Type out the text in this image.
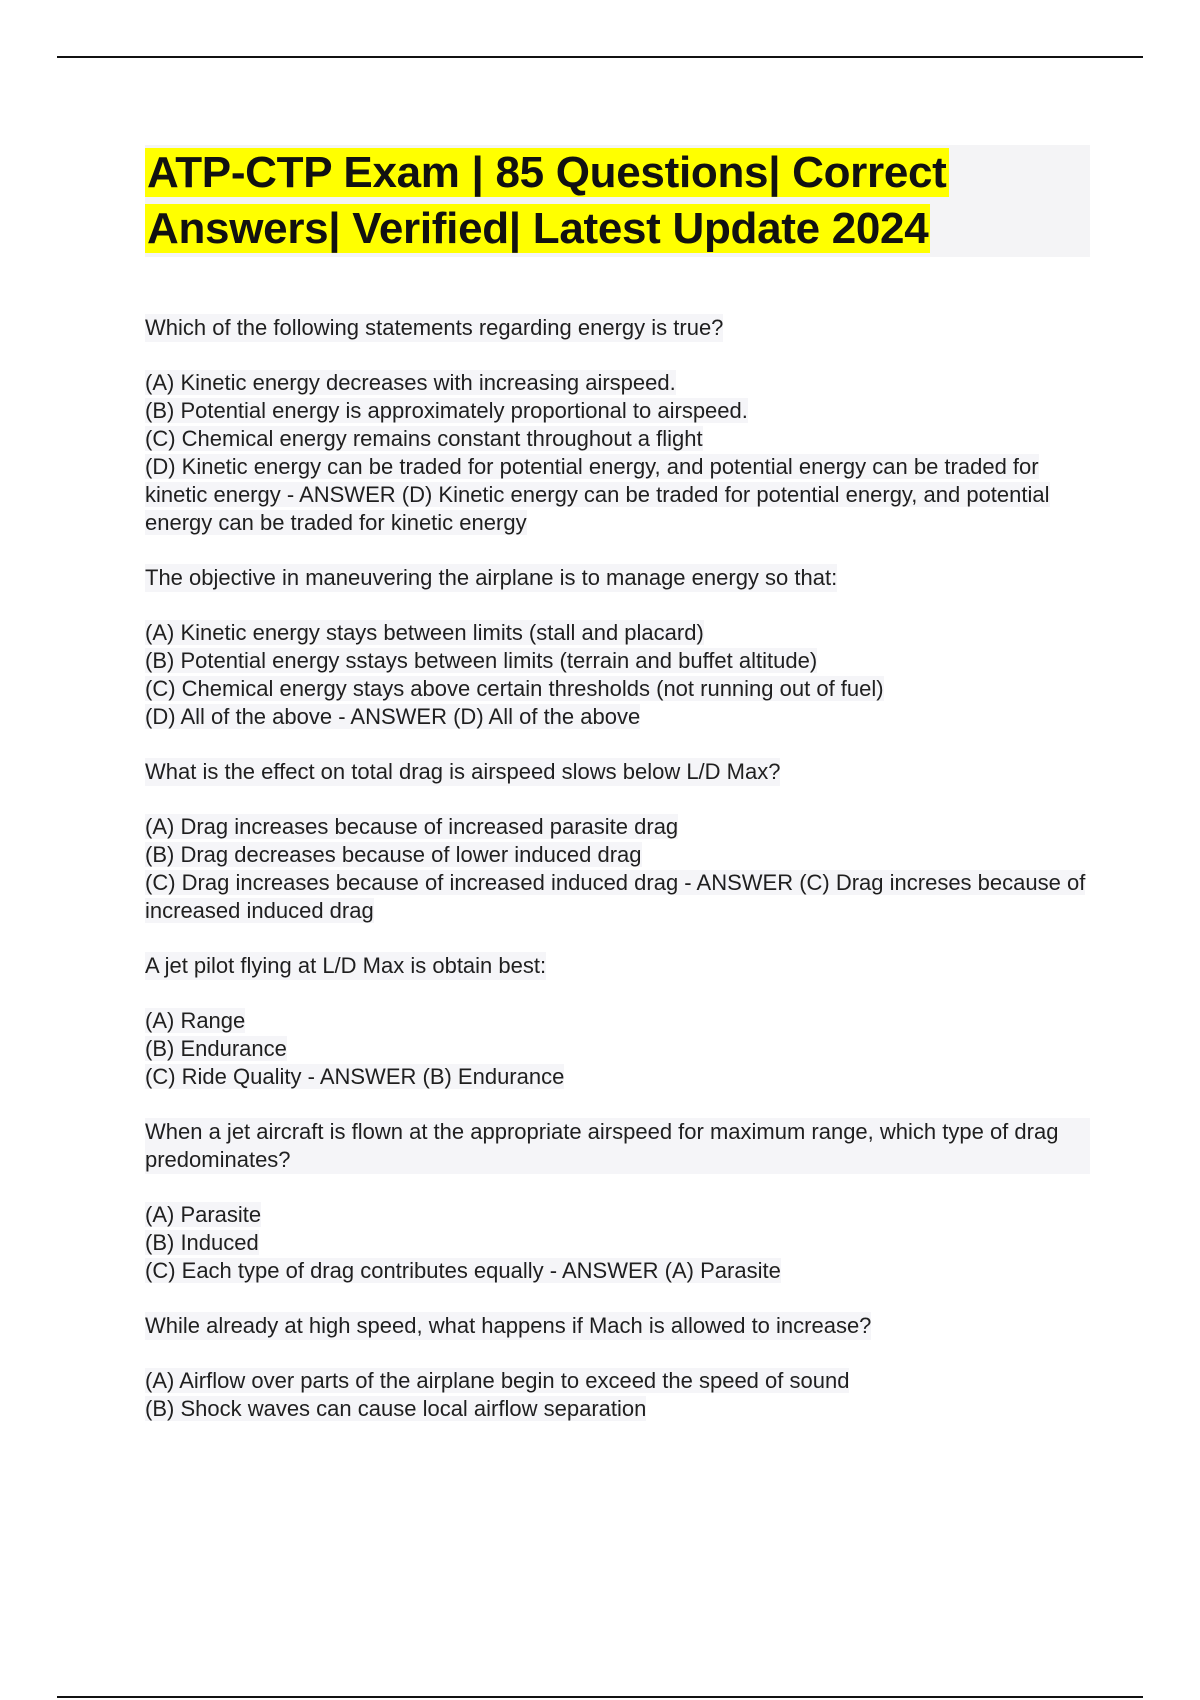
ATP-CTP Exam | 85 Questions| Correct
Answers| Verified| Latest Update 2024
Which of the following statements regarding energy is true?
(A) Kinetic energy decreases with increasing airspeed.
(B) Potential energy is approximately proportional to airspeed.
(C) Chemical energy remains constant throughout a flight
(D) Kinetic energy can be traded for potential energy, and potential energy can be traded for kinetic energy - ANSWER (D) Kinetic energy can be traded for potential energy, and potential energy can be traded for kinetic energy
The objective in maneuvering the airplane is to manage energy so that:
(A) Kinetic energy stays between limits (stall and placard)
(B) Potential energy sstays between limits (terrain and buffet altitude)
(C) Chemical energy stays above certain thresholds (not running out of fuel)
(D) All of the above - ANSWER (D) All of the above
What is the effect on total drag is airspeed slows below L/D Max?
(A) Drag increases because of increased parasite drag
(B) Drag decreases because of lower induced drag
(C) Drag increases because of increased induced drag - ANSWER (C) Drag increses because of increased induced drag
A jet pilot flying at L/D Max is obtain best:
(A) Range
(B) Endurance
(C) Ride Quality - ANSWER (B) Endurance
When a jet aircraft is flown at the appropriate airspeed for maximum range, which type of drag predominates?
(A) Parasite
(B) Induced
(C) Each type of drag contributes equally - ANSWER (A) Parasite
While already at high speed, what happens if Mach is allowed to increase?
(A) Airflow over parts of the airplane begin to exceed the speed of sound
(B) Shock waves can cause local airflow separation
